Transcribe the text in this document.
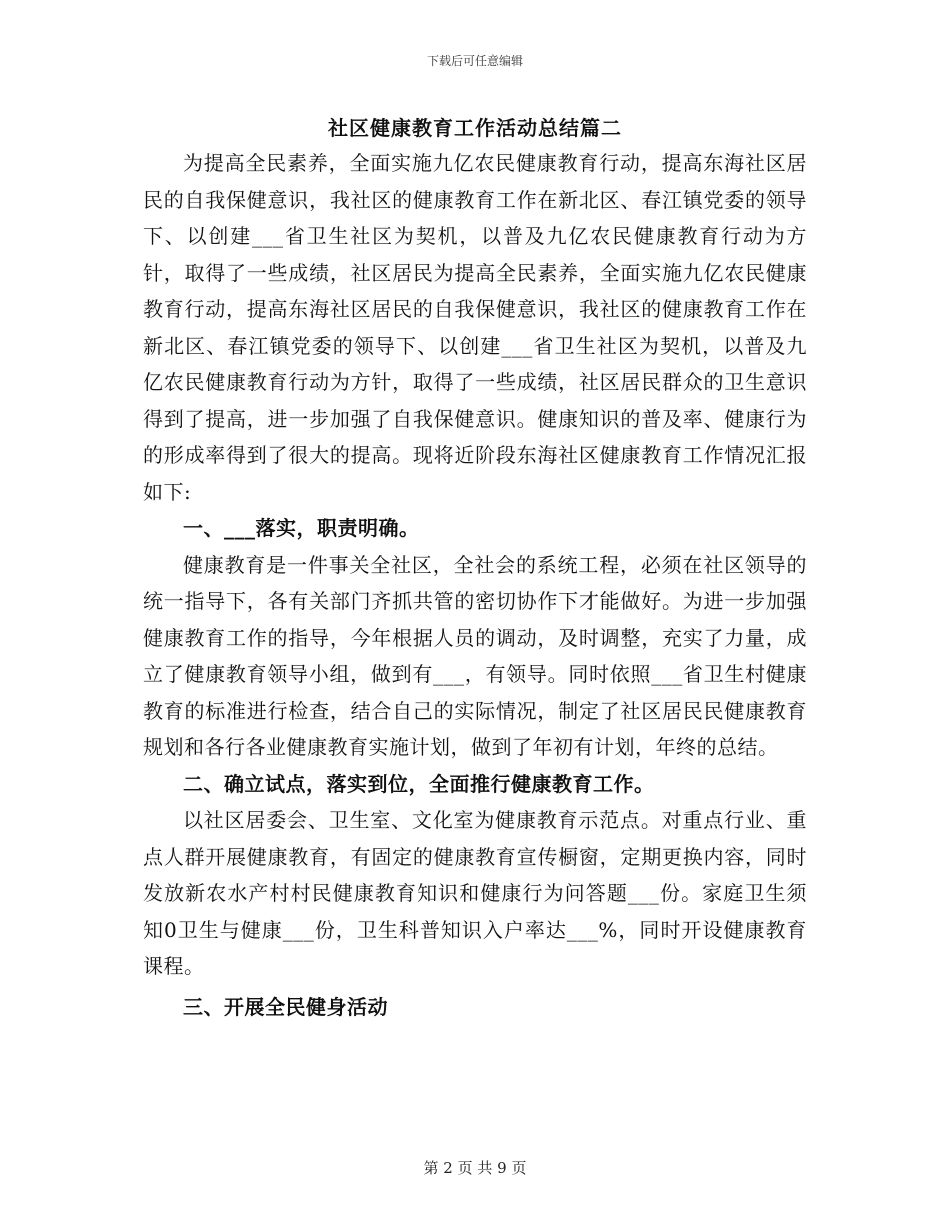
下载后可任意编辑
社区健康教育工作活动总结篇二

为提高全民素养，全面实施九亿农民健康教育行动，提高东海社区居民的自我保健意识，我社区的健康教育工作在新北区、春江镇党委的领导下、以创建___省卫生社区为契机，以普及九亿农民健康教育行动为方针，取得了一些成绩，社区居民为提高全民素养，全面实施九亿农民健康教育行动，提高东海社区居民的自我保健意识，我社区的健康教育工作在新北区、春江镇党委的领导下、以创建___省卫生社区为契机，以普及九亿农民健康教育行动为方针，取得了一些成绩，社区居民群众的卫生意识得到了提高，进一步加强了自我保健意识。健康知识的普及率、健康行为的形成率得到了很大的提高。现将近阶段东海社区健康教育工作情况汇报如下:

一、___落实，职责明确。

健康教育是一件事关全社区，全社会的系统工程，必须在社区领导的统一指导下，各有关部门齐抓共管的密切协作下才能做好。为进一步加强健康教育工作的指导，今年根据人员的调动，及时调整，充实了力量，成立了健康教育领导小组，做到有___，有领导。同时依照___省卫生村健康教育的标准进行检查，结合自己的实际情况，制定了社区居民民健康教育规划和各行各业健康教育实施计划，做到了年初有计划，年终的总结。

二、确立试点，落实到位，全面推行健康教育工作。

以社区居委会、卫生室、文化室为健康教育示范点。对重点行业、重点人群开展健康教育，有固定的健康教育宣传橱窗，定期更换内容，同时发放新农水产村村民健康教育知识和健康行为问答题___份。家庭卫生须知0卫生与健康___份，卫生科普知识入户率达___%，同时开设健康教育课程。

三、开展全民健身活动

第 2 页 共 9 页
